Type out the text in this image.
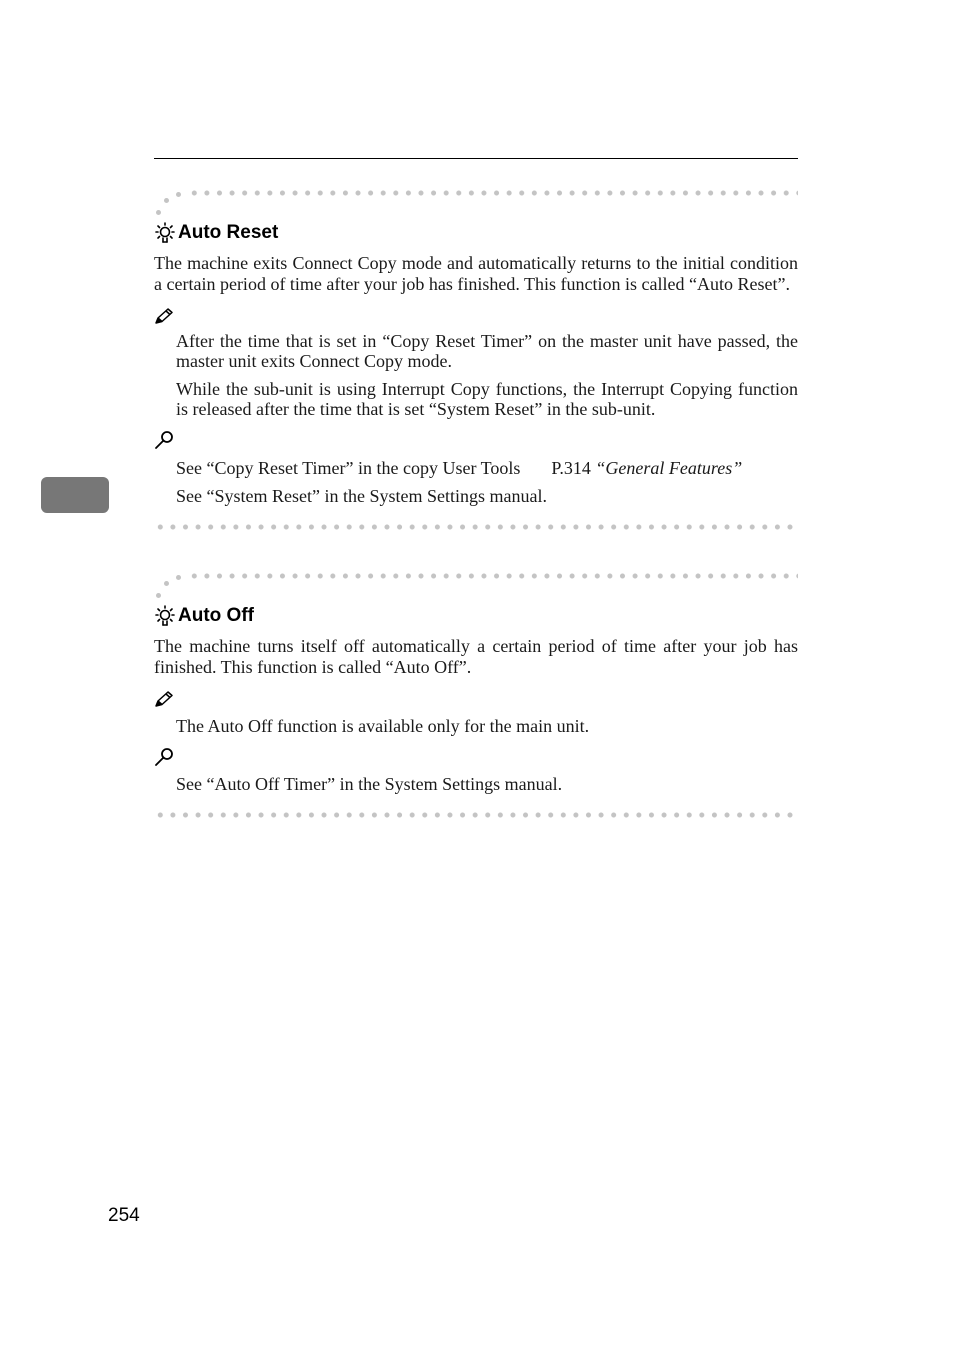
Auto Reset

The machine exits Connect Copy mode and automatically returns to the initial condition a certain period of time after your job has finished. This function is called “Auto Reset”.

After the time that is set in “Copy Reset Timer” on the master unit have passed, the master unit exits Connect Copy mode.
While the sub-unit is using Interrupt Copy functions, the Interrupt Copying function is released after the time that is set “System Reset” in the sub-unit.
See “Copy Reset Timer” in the copy User Tools P.314 “General Features”
See “System Reset” in the System Settings manual.
Auto Off

The machine turns itself off automatically a certain period of time after your job has finished. This function is called “Auto Off”.

The Auto Off function is available only for the main unit.
See “Auto Off Timer” in the System Settings manual.
254
